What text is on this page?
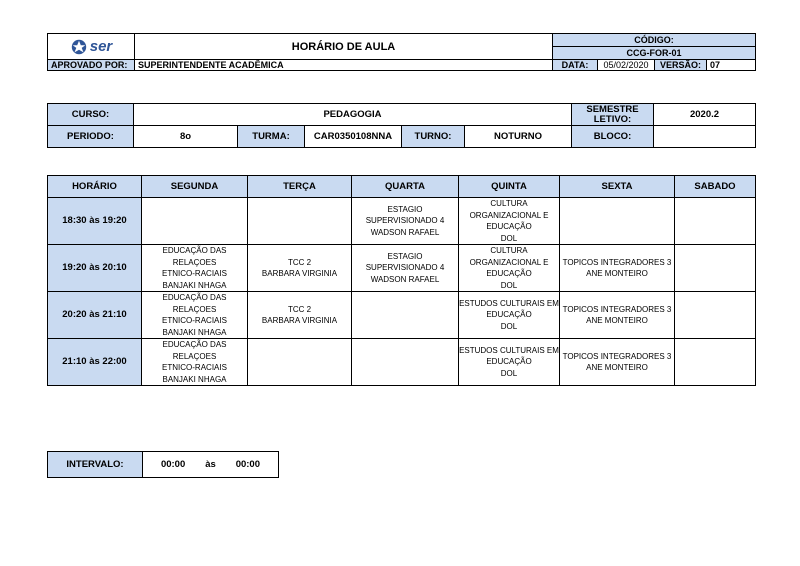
ser	HORÁRIO DE AULA	CÓDIGO:			
		CCG-FOR-01			
APROVADO POR:	SUPERINTENDENTE ACADÊMICA	DATA:	05/02/2020	VERSÃO:	07
CURSO:	PEDAGOGIA					SEMESTRE LETIVO:	2020.2
PERIODO:	8o	TURMA:	CAR0350108NNA	TURNO:	NOTURNO	BLOCO:	
HORÁRIO	SEGUNDA	TERÇA	QUARTA	QUINTA	SEXTA	SABADO
18:30 às 19:20			ESTAGIO
SUPERVISIONADO 4
WADSON RAFAEL	CULTURA
ORGANIZACIONAL E
EDUCAÇÃO
DOL		
19:20 às 20:10	EDUCAÇÃO DAS RELAÇOES
ETNICO-RACIAIS
BANJAKI NHAGA	TCC 2
BARBARA VIRGINIA	ESTAGIO
SUPERVISIONADO 4
WADSON RAFAEL	CULTURA
ORGANIZACIONAL E
EDUCAÇÃO
DOL	TOPICOS INTEGRADORES 3
ANE MONTEIRO	
20:20 às 21:10	EDUCAÇÃO DAS RELAÇOES
ETNICO-RACIAIS
BANJAKI NHAGA	TCC 2
BARBARA VIRGINIA		ESTUDOS CULTURAIS EM
EDUCAÇÃO
DOL	TOPICOS INTEGRADORES 3
ANE MONTEIRO	
21:10 às 22:00	EDUCAÇÃO DAS RELAÇOES
ETNICO-RACIAIS
BANJAKI NHAGA			ESTUDOS CULTURAIS EM
EDUCAÇÃO
DOL	TOPICOS INTEGRADORES 3
ANE MONTEIRO	
INTERVALO:	00:00 às 00:00
